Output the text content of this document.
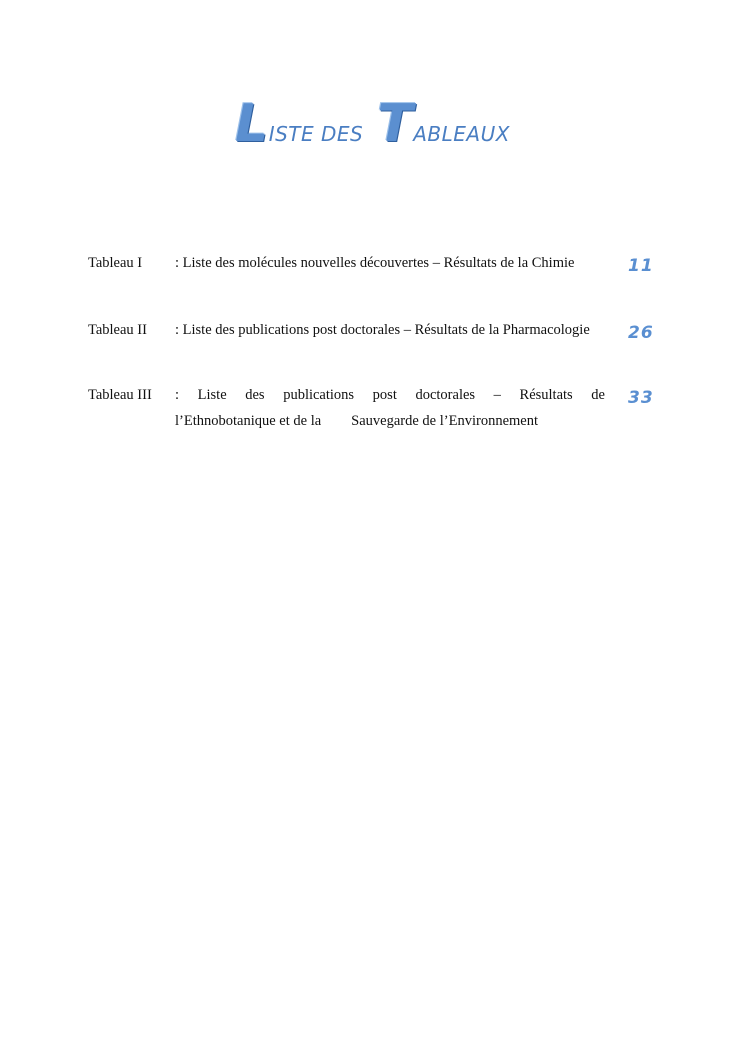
LISTE DES TABLEAUX
Tableau I : Liste des molécules nouvelles découvertes – Résultats de la Chimie	11
Tableau II : Liste des publications post doctorales – Résultats de la Pharmacologie	26
Tableau III : Liste des publications post doctorales – Résultats de
l’Ethnobotanique et de la Sauvegarde de l’Environnement
33
